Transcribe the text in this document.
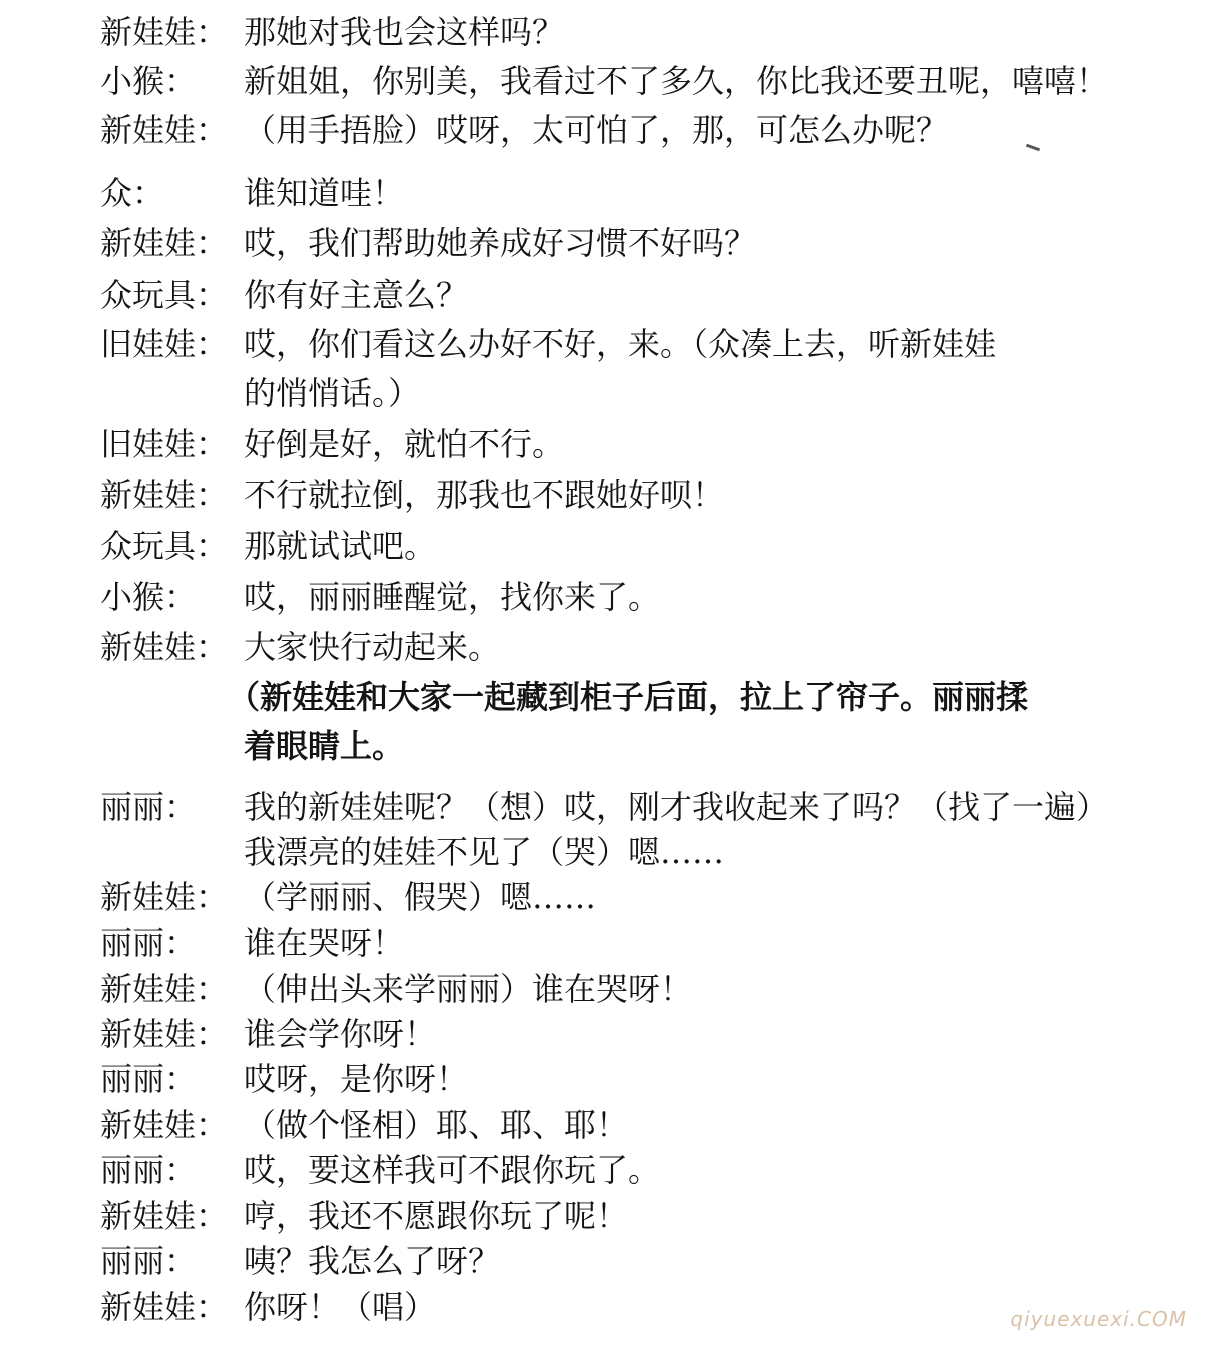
新娃娃： 那她对我也会这样吗？
小猴： 新姐姐，你别美，我看过不了多久，你比我还要丑呢，嘻嘻！
新娃娃： （用手捂脸）哎呀，太可怕了，那，可怎么办呢？
众： 谁知道哇！
新娃娃： 哎，我们帮助她养成好习惯不好吗？
众玩具： 你有好主意么？
旧娃娃： 哎，你们看这么办好不好，来。（众凑上去，听新娃娃
的悄悄话。）
旧娃娃： 好倒是好，就怕不行。
新娃娃： 不行就拉倒，那我也不跟她好呗！
众玩具： 那就试试吧。
小猴： 哎，丽丽睡醒觉，找你来了。
新娃娃： 大家快行动起来。
（新娃娃和大家一起藏到柜子后面，拉上了帘子。丽丽揉
着眼睛上。
丽丽： 我的新娃娃呢？（想）哎，刚才我收起来了吗？（找了一遍）
我漂亮的娃娃不见了（哭）嗯……
新娃娃： （学丽丽、假哭）嗯……
丽丽： 谁在哭呀！
新娃娃： （伸出头来学丽丽）谁在哭呀！
新娃娃： 谁会学你呀！
丽丽： 哎呀，是你呀！
新娃娃： （做个怪相）耶、耶、耶！
丽丽： 哎，要这样我可不跟你玩了。
新娃娃： 哼，我还不愿跟你玩了呢！
丽丽： 咦？我怎么了呀？
新娃娃： 你呀！（唱）	qiyuexuexi.COM
